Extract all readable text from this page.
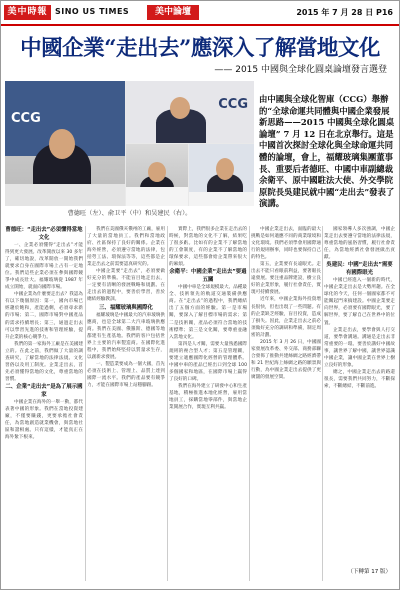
美中時報 SINO US TIMES	美中論壇	2015 年 7 月 28 日 P16
中國企業“走出去”應深入了解當地文化
—— 2015 中國與全球化圓桌論壇發言選登
CCG
CCG
曹德旺（左）、俞卫平（中）和吴建民（右）。
由中國與全球化智庫（CCG）舉辦的“全球命運共同體與中國企業發展新思路——2015 中國與全球化圓桌論壇” 7 月 12 日在北京舉行。這是中國首次探討全球化與全球命運共同體的論壇，會上，福耀玻璃集團董事長、重要后者德旺、中國中車副總裁余衛平、原中國駐法大使、外交學院原院長吳建民就中國“走出去”發表了演講。
曹德旺：“走出去”必須懂得當地文化

一、企業必須懂得“走出去”才能得到更大發展。改革開放以來 30 多年了，確切地說，改革開放一開始我們就要求自身在國際市場上占有一定地位。我們這些企業必須在參與國際競爭中成長壯大。福耀玻璃從 1987 年成立開始，就面向國際市場。

中國企業為什麼要走出去？我認為有以下幾個原因：第一，國內市場已經趨於飽和，產能過剩，必須尋求新的市場；第二，國際市場對中國產品的需求持續增長；第三，通過走出去可以學習先進的技術和管理經驗，提升企業的核心競爭力。

我們的第一家海外工廠是在美國建立的。在此之前，我們做了大量的調查研究，了解當地的法律法規、文化習俗以及用工制度。企業走出去，首先必須懂得當地的文化，尊重當地的習慣。

二、企業“走出去”是為了展示國家

中國企業在海外的一舉一動，都代表著中國的形象。我們在當地投資建廠，不僅要賺錢，更要承擔社會責任，為當地創造就業機會，與當地社區和諧相處。只有這樣，才能真正在海外紮下根來。

我們在美國俄亥俄州的工廠，雇用了大量的當地員工。我們和當地政府、社區保持了良好的關係。企業在海外經營，必須遵守當地的法律，包括勞工法、環保法等等，這些都是企業走出去之前需要認真研究的。

中國企業要“走出去”，必須要做好充分的準備。不能盲目地走出去，一定要有清晰的發展戰略和規劃。在走出去的過程中，要善於學習，善於總結經驗教訓。

三、福耀玻璃與國際化

福耀玻璃是中國最大的汽車玻璃供應商，也是全球第二大汽車玻璃供應商。我們在美國、俄羅斯、德國等地都建有生產基地。我們的客戶包括世界上主要的汽車製造商。在國際化進程中，我們始終堅持以質量求生存，以創新求發展。

一、製造業要成為一個大國，首先必須在技術上、管理上、品質上達到國際一流水平。我們的產品要有競爭力，才能在國際市場上站穩腳跟。

實際上，我們很多企業在走出去的時候，對當地的文化不了解，結果吃了很多虧。比如有的企業不了解當地的工會制度，有的企業不了解當地的環保要求，這些都會給企業帶來很大的麻煩。

余衛平：中國企業“走出去”要過五關

中國中車是全球規模最大、品種最全、技術領先的軌道交通裝備供應商。在“走出去”的過程中，我們總結出了五個方面的經驗。第一是市場關，要深入了解目標市場的需求；第二是技術關，產品必須符合當地的技術標準；第三是文化關，要尊重並融入當地文化。

第四是人才關，需要大量熟悉國際規則的複合型人才；第五是管理關，要建立適應國際化經營的管理體系。中國中車的產品已經出口到全球 100 多個國家和地區，在國際市場上贏得了良好的口碑。

我們在海外建立了研發中心和生產基地，積極推進本地化經營，雇用當地員工，採購當地零部件，與當地企業開展合作，實現互利共贏。

中國企業走出去，面臨的最大挑戰是如何適應不同的商業環境和文化環境。我們必須學會用國際通行的規則辦事，同時也要保持自己的特色。

第五，企業要有長遠眼光。走出去不能只看眼前利益，要著眼長遠發展。要注重品牌建設，樹立良好的企業形象，履行社會責任，實現可持續發展。

近年來，中國企業海外投資增長很快，但也出現了一些問題。有的企業缺乏經驗，盲目投資，造成了損失。因此，企業走出去之前必須做好充分的調研和準備，制定周密的計劃。

2015 年 3 月 26 日，中國國家發展改革委、外交部、商務部聯合發佈了推動共建絲綢之路經濟帶和 21 世紀海上絲綢之路的願景與行動，為中國企業走出去提供了更廣闊的發展空間。

國家領導人多次強調，中國企業走出去要遵守當地的法律法規，尊重當地的風俗習慣，履行社會責任，為當地經濟社會發展做出貢獻。

吳建民：中國“走出去”需要有國際眼光

中國已經進入一個新的時代，中國企業走出去是大勢所趨。在全球化的今天，任何一個國家都不可能關起門來搞建設。中國企業要走向世界，必須要有國際眼光，要了解世界，要了解自己在世界中的位置。

企業走出去，要學會與人打交道，要學會溝通。溝通是走出去非常重要的一環。要善於講好中國故事，讓世界了解中國，讓世界認識中國企業，讓中國企業在世界上樹立良好的形象。

總之，中國企業走出去的路還很長，需要我們共同努力，不斷探索，不斷總結，不斷前進。

（下轉第 17 版）
